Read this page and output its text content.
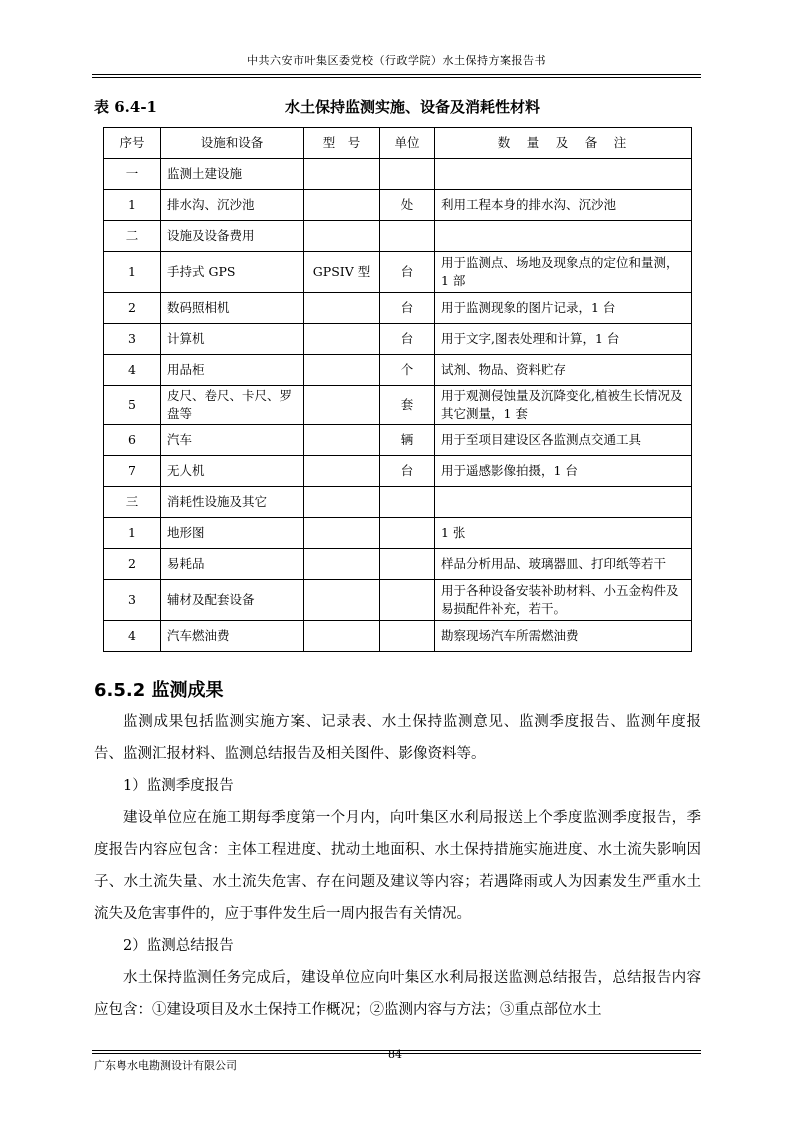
中共六安市叶集区委党校（行政学院）水土保持方案报告书
表 6.4-1	水土保持监测实施、设备及消耗性材料
序号	设施和设备	型　号	单位	数　量　及　备　注
一	监测土建设施			
1	排水沟、沉沙池		处	利用工程本身的排水沟、沉沙池
二	设施及设备费用			
1	手持式 GPS	GPSIV 型	台	用于监测点、场地及现象点的定位和量测，1 部
2	数码照相机		台	用于监测现象的图片记录，1 台
3	计算机		台	用于文字,图表处理和计算，1 台
4	用品柜		个	试剂、物品、资料贮存
5	皮尺、卷尺、卡尺、罗盘等		套	用于观测侵蚀量及沉降变化,植被生长情况及其它测量，1 套
6	汽车		辆	用于至项目建设区各监测点交通工具
7	无人机		台	用于遥感影像拍摄，1 台
三	消耗性设施及其它			
1	地形图			1 张
2	易耗品			样品分析用品、玻璃器皿、打印纸等若干
3	辅材及配套设备			用于各种设备安装补助材料、小五金构件及易损配件补充，若干。
4	汽车燃油费			勘察现场汽车所需燃油费
6.5.2 监测成果

监测成果包括监测实施方案、记录表、水土保持监测意见、监测季度报告、监测年度报告、监测汇报材料、监测总结报告及相关图件、影像资料等。

1）监测季度报告

建设单位应在施工期每季度第一个月内，向叶集区水利局报送上个季度监测季度报告，季度报告内容应包含：主体工程进度、扰动土地面积、水土保持措施实施进度、水土流失影响因子、水土流失量、水土流失危害、存在问题及建议等内容；若遇降雨或人为因素发生严重水土流失及危害事件的，应于事件发生后一周内报告有关情况。

2）监测总结报告

水土保持监测任务完成后，建设单位应向叶集区水利局报送监测总结报告，总结报告内容应包含：①建设项目及水土保持工作概况；②监测内容与方法；③重点部位水土

广东粤水电勘测设计有限公司
84
